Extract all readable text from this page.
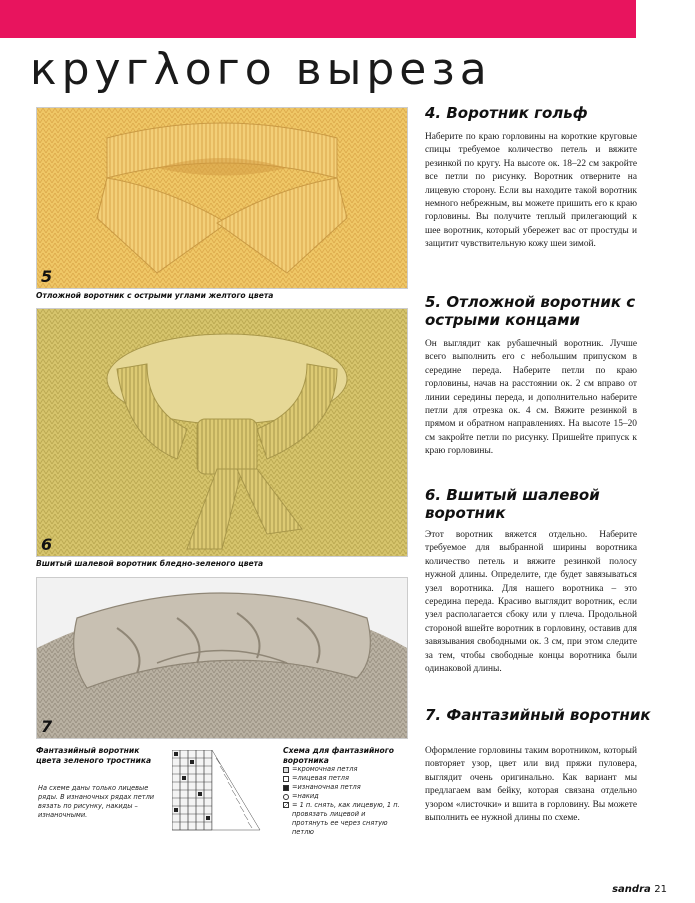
кругλого выреза
5
Отложной воротник с острыми углами желтого цвета
6
Вшитый шалевой воротник бледно-зеленого цвета
7
Фантазийный воротник цвета зеленого тростника
На схеме даны только лицевые ряды. В изнаночных рядах петли вязать по рисунку, накиды – изнаночными.
Схема для фантазийного воротника
=кромочная петля
=лицевая петля
=изнаночная петля
=накид
= 1 п. снять, как лицевую, 1 п. провязать лицевой и протянуть ее через снятую петлю
4. Воротник гольф
Наберите по краю горловины на короткие круговые спицы требуемое количество петель и вяжите резинкой по кругу. На высоте ок. 18–22 см закройте все петли по рисунку. Воротник отверните на лицевую сторону. Если вы находите такой воротник немного небрежным, вы можете пришить его к краю горловины. Вы получите теплый прилегающий к шее воротник, который убережет вас от простуды и защитит чувствительную кожу шеи зимой.
5. Отложной воротник с острыми концами
Он выглядит как рубашечный воротник. Лучше всего выполнить его с небольшим припуском в середине переда. Наберите петли по краю горловины, начав на расстоянии ок. 2 см вправо от линии середины переда, и дополнительно наберите петли для отрезка ок. 4 см. Вяжите резинкой в прямом и обратном направлениях. На высоте 15–20 см закройте петли по рисунку. Пришейте припуск к краю горловины.
6. Вшитый шалевой воротник
Этот воротник вяжется отдельно. Наберите требуемое для выбранной ширины воротника количество петель и вяжите резинкой полосу нужной длины. Определите, где будет завязываться узел воротника. Для нашего воротника – это середина переда. Красиво выглядит воротник, если узел располагается сбоку или у плеча. Продольной стороной вшейте воротник в горловину, оставив для завязывания свободными ок. 3 см, при этом следите за тем, чтобы свободные концы воротника были одинаковой длины.
7. Фантазийный воротник
Оформление горловины таким воротником, который повторяет узор, цвет или вид пряжи пуловера, выглядит очень оригинально. Как вариант мы предлагаем вам бейку, которая связана отдельно узором «листочки» и вшита в горловину. Вы можете выполнить ее нужной длины по схеме.
sandra 21
